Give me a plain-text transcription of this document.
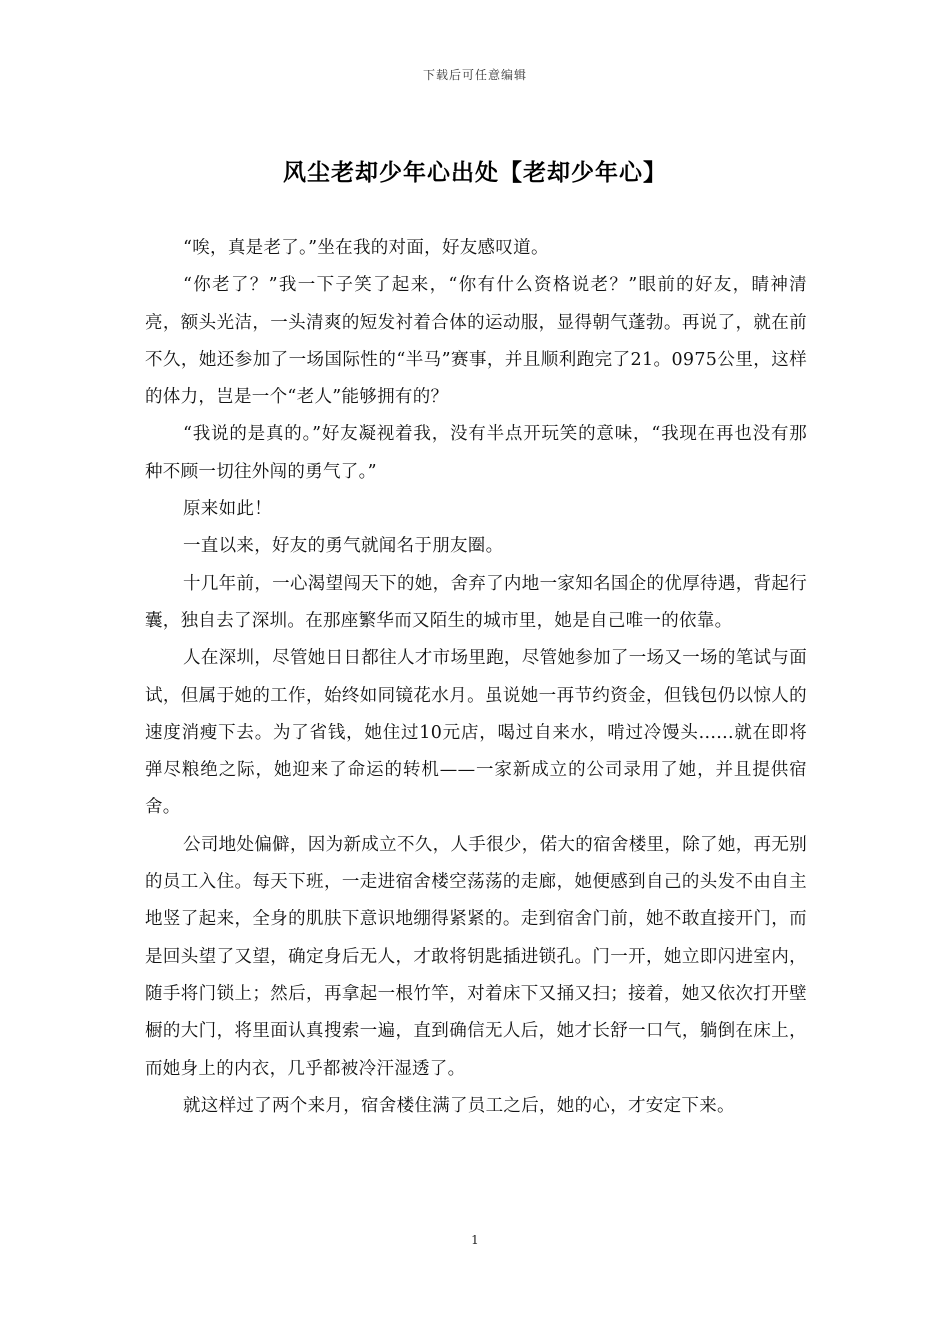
下载后可任意编辑
风尘老却少年心出处【老却少年心】

“唉，真是老了。”坐在我的对面，好友感叹道。

“你老了？”我一下子笑了起来，“你有什么资格说老？”眼前的好友，睛神清亮，额头光洁，一头清爽的短发衬着合体的运动服，显得朝气蓬勃。再说了，就在前不久，她还参加了一场国际性的“半马”赛事，并且顺利跑完了21。0975公里，这样的体力，岂是一个“老人”能够拥有的？

“我说的是真的。”好友凝视着我，没有半点开玩笑的意味，“我现在再也没有那种不顾一切往外闯的勇气了。”

原来如此！

一直以来，好友的勇气就闻名于朋友圈。

十几年前，一心渴望闯天下的她，舍弃了内地一家知名国企的优厚待遇，背起行囊，独自去了深圳。在那座繁华而又陌生的城市里，她是自己唯一的依靠。

人在深圳，尽管她日日都往人才市场里跑，尽管她参加了一场又一场的笔试与面试，但属于她的工作，始终如同镜花水月。虽说她一再节约资金，但钱包仍以惊人的速度消瘦下去。为了省钱，她住过10元店，喝过自来水，啃过冷馒头......就在即将弹尽粮绝之际，她迎来了命运的转机——一家新成立的公司录用了她，并且提供宿舍。

公司地处偏僻，因为新成立不久，人手很少，偌大的宿舍楼里，除了她，再无别的员工入住。每天下班，一走进宿舍楼空荡荡的走廊，她便感到自己的头发不由自主地竖了起来，全身的肌肤下意识地绷得紧紧的。走到宿舍门前，她不敢直接开门，而是回头望了又望，确定身后无人，才敢将钥匙插进锁孔。门一开，她立即闪进室内，随手将门锁上；然后，再拿起一根竹竿，对着床下又捅又扫；接着，她又依次打开壁橱的大门，将里面认真搜索一遍，直到确信无人后，她才长舒一口气，躺倒在床上，而她身上的内衣，几乎都被冷汗湿透了。

就这样过了两个来月，宿舍楼住满了员工之后，她的心，才安定下来。

1
